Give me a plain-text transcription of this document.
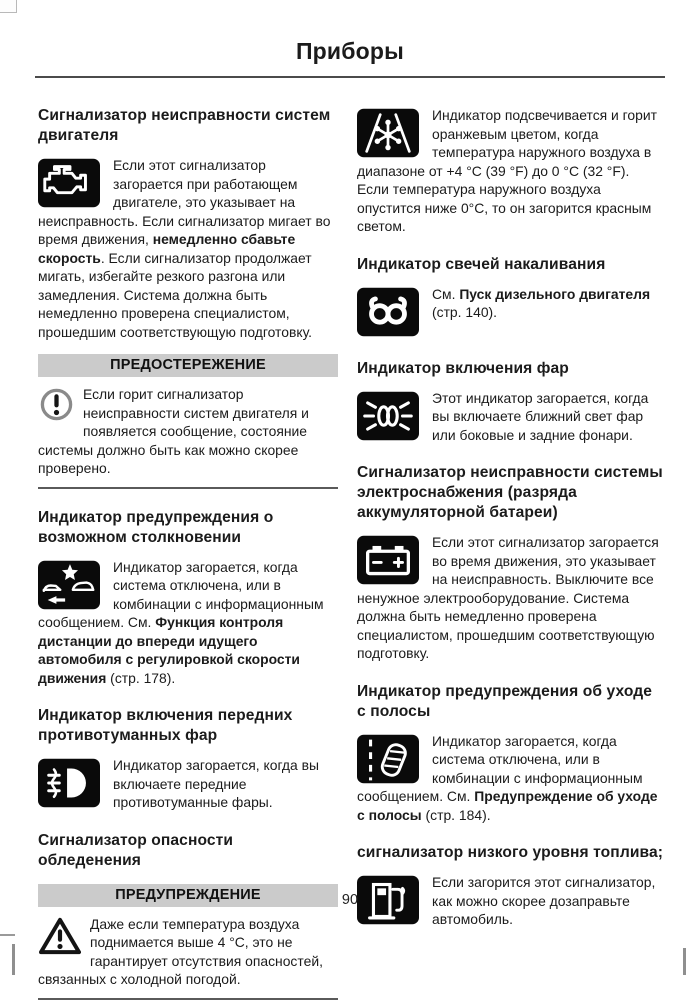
Приборы
Сигнализатор неисправности систем двигателя

Если этот сигнализатор загорается при работающем двигателе, это указывает на неисправность. Если сигнализатор мигает во время движения, немедленно сбавьте скорость. Если сигнализатор продолжает мигать, избегайте резкого разгона или замедления. Система должна быть немедленно проверена специалистом, прошедшим соответствующую подготовку.

ПРЕДОСТЕРЕЖЕНИЕ

Если горит сигнализатор неисправности систем двигателя и появляется сообщение, состояние системы должно быть как можно скорее проверено.

Индикатор предупреждения о возможном столкновении

Индикатор загорается, когда система отключена, или в комбинации с информационным сообщением. См. Функция контроля дистанции до впереди идущего автомобиля с регулировкой скорости движения (стр. 178).

Индикатор включения передних противотуманных фар

Индикатор загорается, когда вы включаете передние противотуманные фары.

Сигнализатор опасности обледенения
ПРЕДУПРЕЖДЕНИЕ

Даже если температура воздуха поднимается выше 4 °C, это не гарантирует отсутствия опасностей, связанных с холодной погодой.

Индикатор подсвечивается и горит оранжевым цветом, когда температура наружного воздуха в диапазоне от +4 °C (39 °F) до 0 °C (32 °F). Если температура наружного воздуха опустится ниже 0°C, то он загорится красным светом.

Индикатор свечей накаливания

См. Пуск дизельного двигателя (стр. 140).

Индикатор включения фар

Этот индикатор загорается, когда вы включаете ближний свет фар или боковые и задние фонари.

Сигнализатор неисправности системы электроснабжения (разряда аккумуляторной батареи)

Если этот сигнализатор загорается во время движения, это указывает на неисправность. Выключите все ненужное электрооборудование. Система должна быть немедленно проверена специалистом, прошедшим соответствующую подготовку.

Индикатор предупреждения об уходе с полосы

Индикатор загорается, когда система отключена, или в комбинации с информационным сообщением. См. Предупреждение об уходе с полосы (стр. 184).

сигнализатор низкого уровня топлива;

Если загорится этот сигнализатор, как можно скорее дозаправьте автомобиль.

90
